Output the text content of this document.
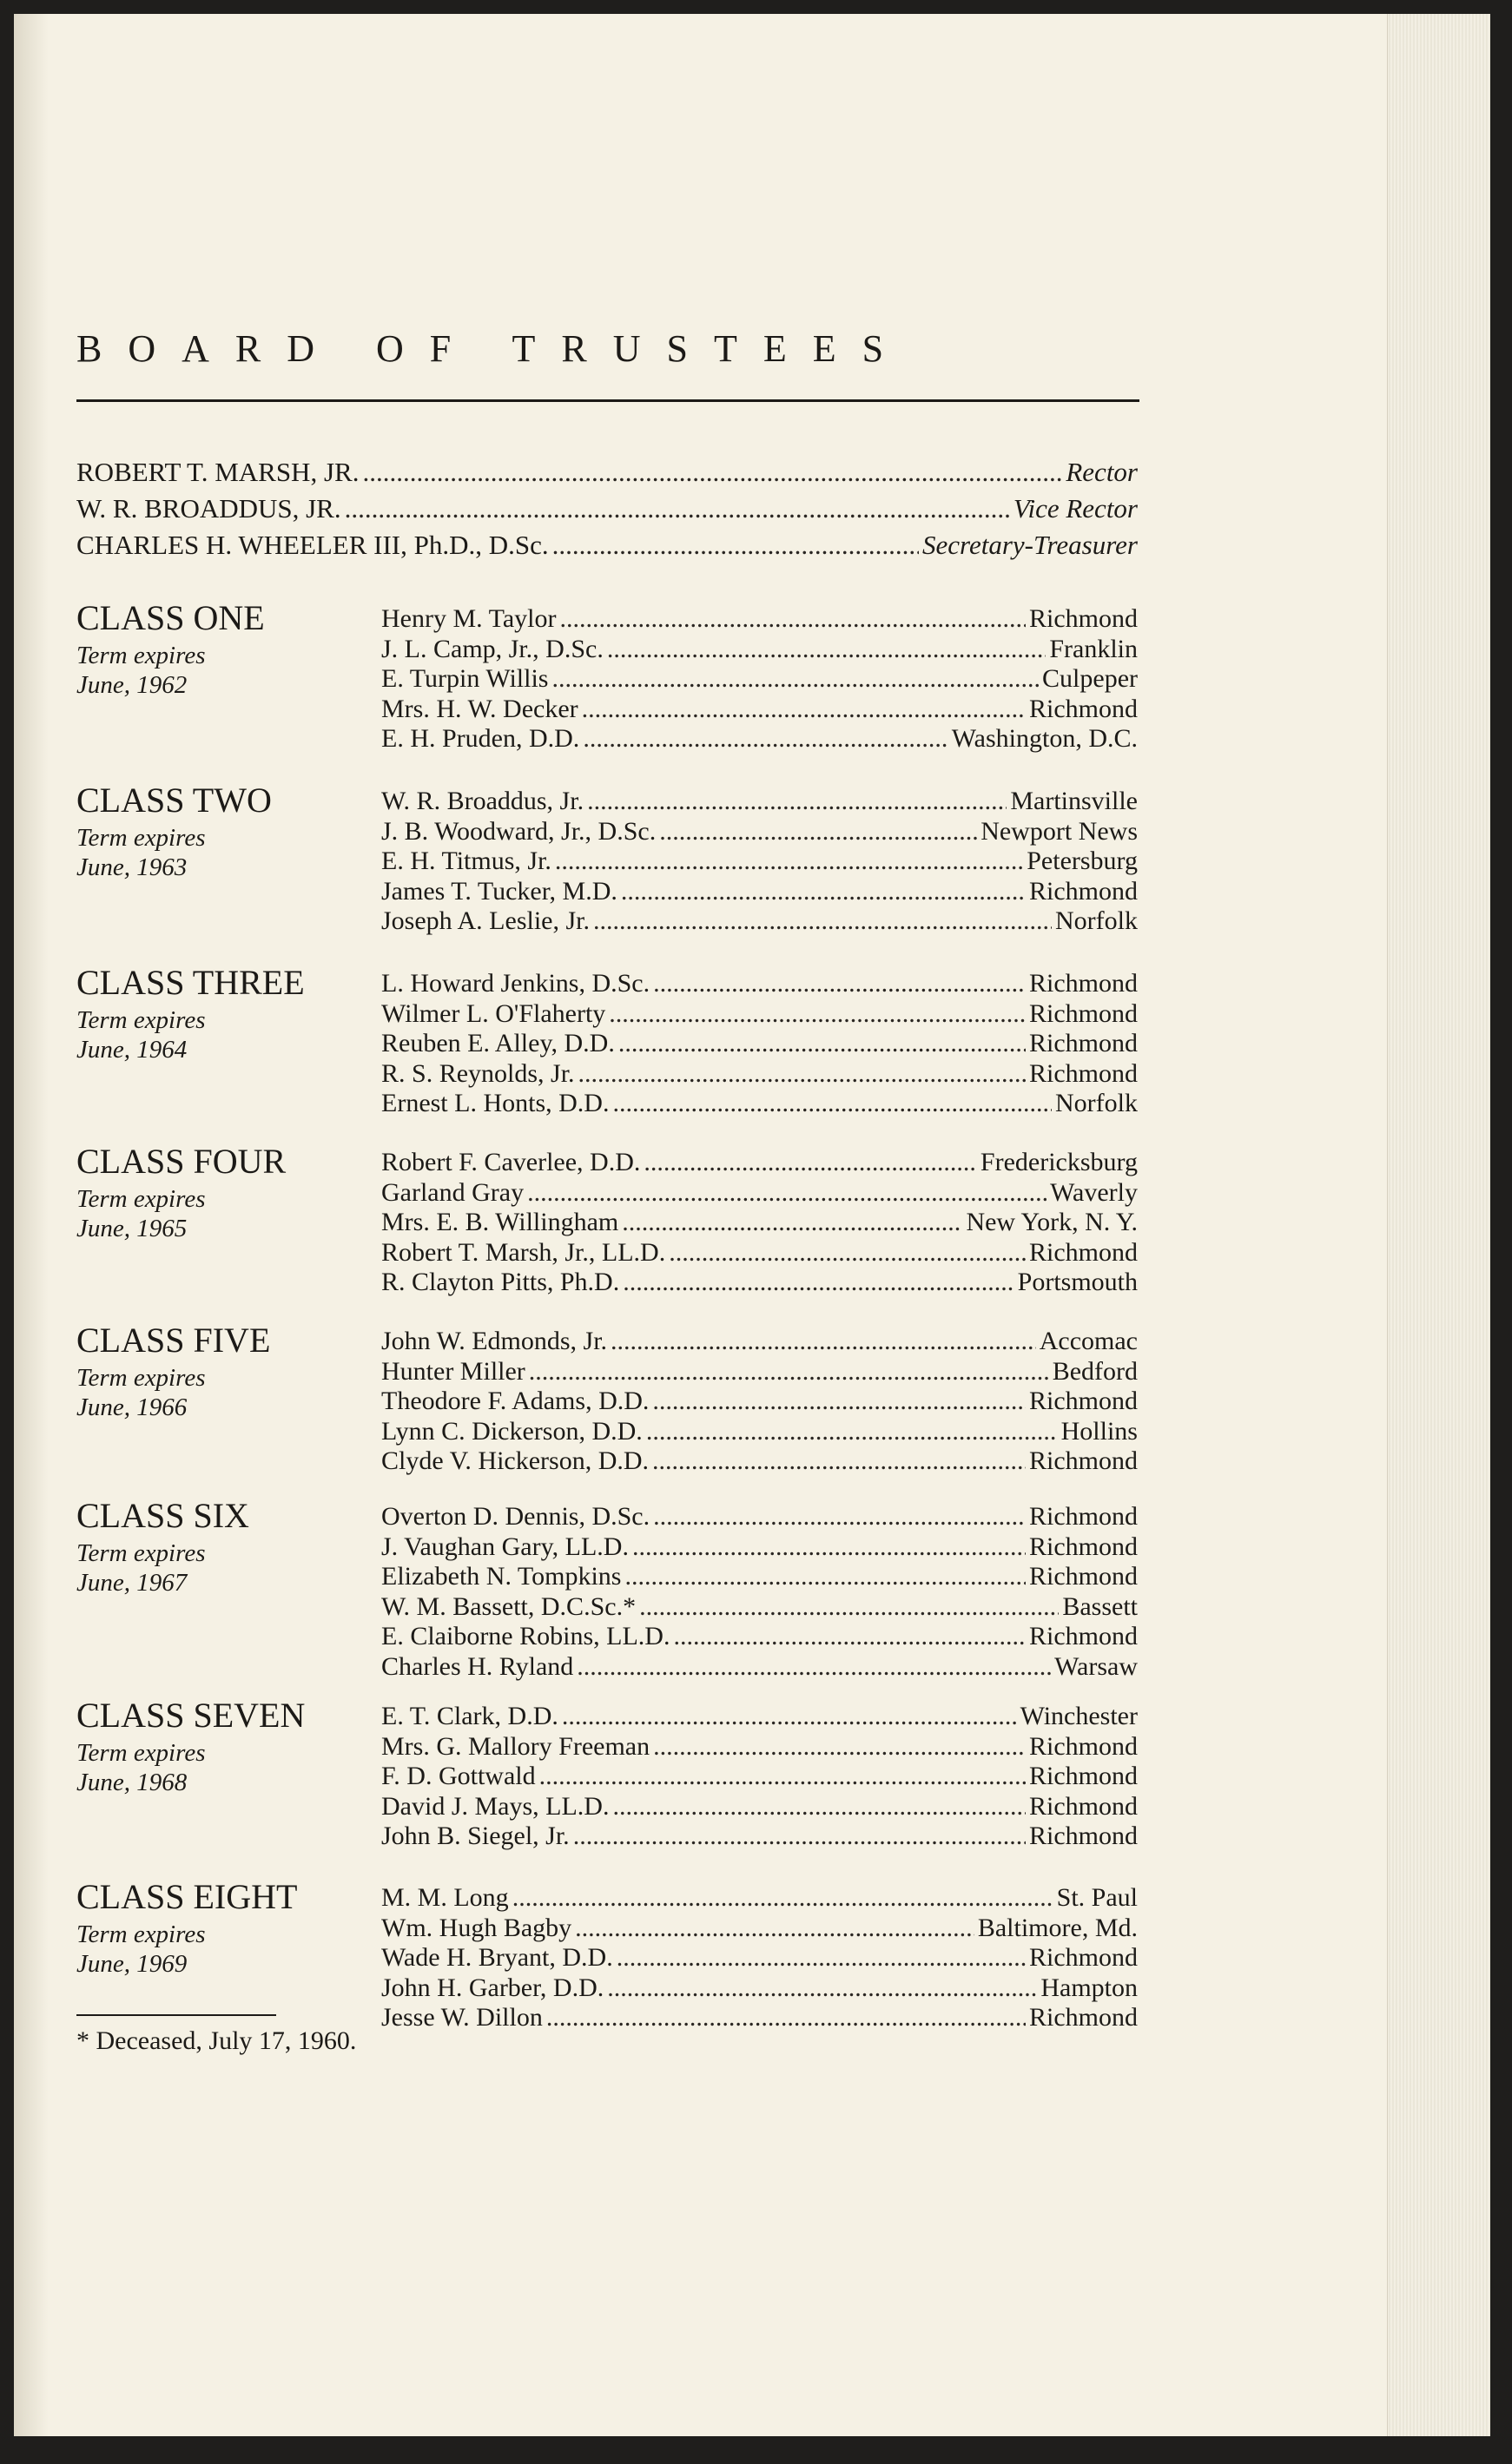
BOARD OF TRUSTEES
ROBERT T. MARSH, JR. .....	Rector
W. R. BROADDUS, JR. .....	Vice Rector
CHARLES H. WHEELER III, Ph.D., D.Sc. .....	Secretary-Treasurer
CLASS ONE
Term expires
June, 1962
Henry M. Taylor .....	Richmond
J. L. Camp, Jr., D.Sc. .....	Franklin
E. Turpin Willis .....	Culpeper
Mrs. H. W. Decker .....	Richmond
E. H. Pruden, D.D. .....	Washington, D.C.
CLASS TWO
Term expires
June, 1963
W. R. Broaddus, Jr. .....	Martinsville
J. B. Woodward, Jr., D.Sc. .....	Newport News
E. H. Titmus, Jr. .....	Petersburg
James T. Tucker, M.D. .....	Richmond
Joseph A. Leslie, Jr. .....	Norfolk
CLASS THREE
Term expires
June, 1964
L. Howard Jenkins, D.Sc. .....	Richmond
Wilmer L. O'Flaherty .....	Richmond
Reuben E. Alley, D.D. .....	Richmond
R. S. Reynolds, Jr. .....	Richmond
Ernest L. Honts, D.D. .....	Norfolk
CLASS FOUR
Term expires
June, 1965
Robert F. Caverlee, D.D. .....	Fredericksburg
Garland Gray .....	Waverly
Mrs. E. B. Willingham .....	New York, N. Y.
Robert T. Marsh, Jr., LL.D. .....	Richmond
R. Clayton Pitts, Ph.D. .....	Portsmouth
CLASS FIVE
Term expires
June, 1966
John W. Edmonds, Jr. .....	Accomac
Hunter Miller .....	Bedford
Theodore F. Adams, D.D. .....	Richmond
Lynn C. Dickerson, D.D. .....	Hollins
Clyde V. Hickerson, D.D. .....	Richmond
CLASS SIX
Term expires
June, 1967
Overton D. Dennis, D.Sc. .....	Richmond
J. Vaughan Gary, LL.D. .....	Richmond
Elizabeth N. Tompkins .....	Richmond
W. M. Bassett, D.C.Sc.* .....	Bassett
E. Claiborne Robins, LL.D. .....	Richmond
Charles H. Ryland .....	Warsaw
CLASS SEVEN
Term expires
June, 1968
E. T. Clark, D.D. .....	Winchester
Mrs. G. Mallory Freeman .....	Richmond
F. D. Gottwald .....	Richmond
David J. Mays, LL.D. .....	Richmond
John B. Siegel, Jr. .....	Richmond
CLASS EIGHT
Term expires
June, 1969
M. M. Long .....	St. Paul
Wm. Hugh Bagby .....	Baltimore, Md.
Wade H. Bryant, D.D. .....	Richmond
John H. Garber, D.D. .....	Hampton
Jesse W. Dillon .....	Richmond
* Deceased, July 17, 1960.
